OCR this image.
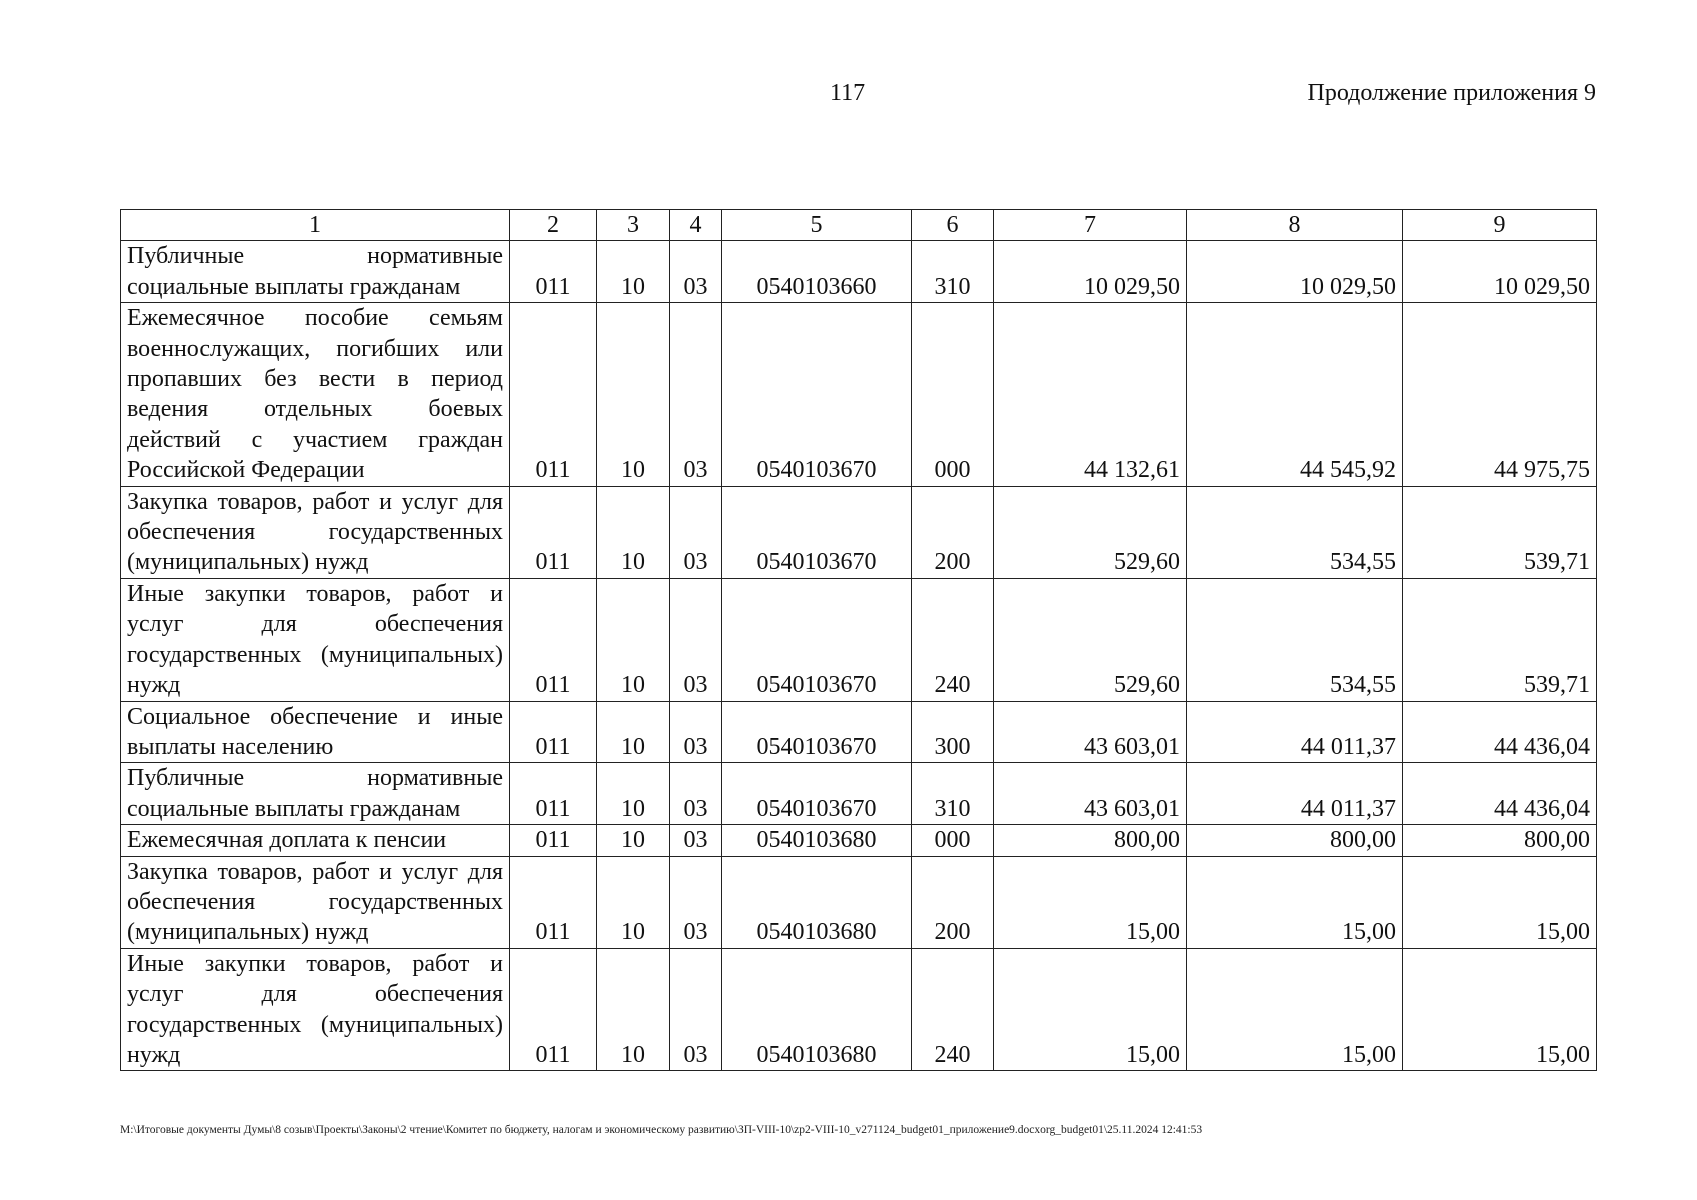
117	Продолжение приложения 9
1	2	3	4	5	6	7	8	9
Публичные нормативные социальные выплаты гражданам	011	10	03	0540103660	310	10 029,50	10 029,50	10 029,50
Ежемесячное пособие семьям военнослужащих, погибших или пропавших без вести в период ведения отдельных боевых действий с участием граждан Российской Федерации	011	10	03	0540103670	000	44 132,61	44 545,92	44 975,75
Закупка товаров, работ и услуг для обеспечения государственных (муниципальных) нужд	011	10	03	0540103670	200	529,60	534,55	539,71
Иные закупки товаров, работ и услуг для обеспечения государственных (муниципальных) нужд	011	10	03	0540103670	240	529,60	534,55	539,71
Социальное обеспечение и иные выплаты населению	011	10	03	0540103670	300	43 603,01	44 011,37	44 436,04
Публичные нормативные социальные выплаты гражданам	011	10	03	0540103670	310	43 603,01	44 011,37	44 436,04
Ежемесячная доплата к пенсии	011	10	03	0540103680	000	800,00	800,00	800,00
Закупка товаров, работ и услуг для обеспечения государственных (муниципальных) нужд	011	10	03	0540103680	200	15,00	15,00	15,00
Иные закупки товаров, работ и услуг для обеспечения государственных (муниципальных) нужд	011	10	03	0540103680	240	15,00	15,00	15,00
M:\Итоговые документы Думы\8 созыв\Проекты\Законы\2 чтение\Комитет по бюджету, налогам и экономическому развитию\ЗП-VIII-10\zp2-VIII-10_v271124_budget01_приложение9.docxorg_budget01\25.11.2024 12:41:53
